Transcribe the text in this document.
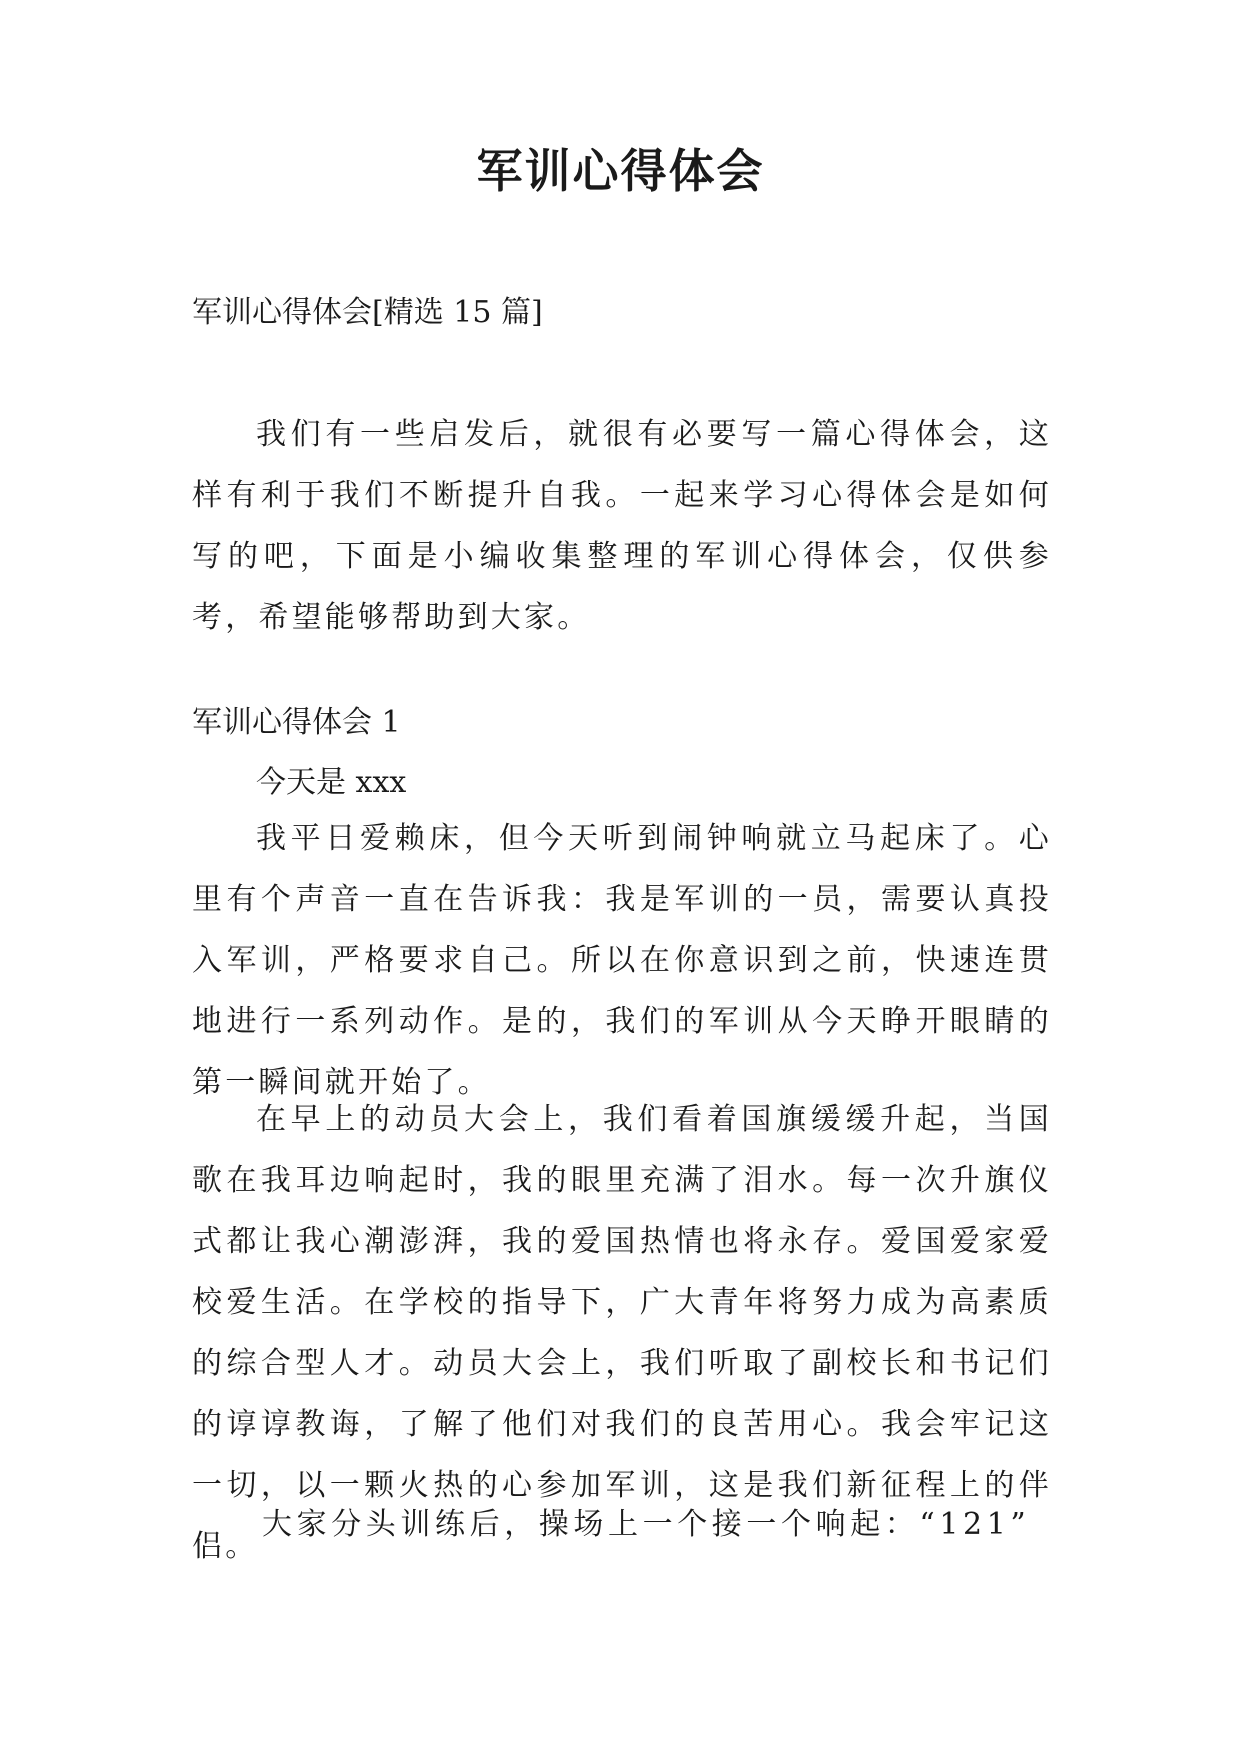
军训心得体会
军训心得体会[精选 15 篇]
我们有一些启发后，就很有必要写一篇心得体会，这样有利于我们不断提升自我。一起来学习心得体会是如何写的吧，下面是小编收集整理的军训心得体会，仅供参考，希望能够帮助到大家。
军训心得体会 1
今天是 xxx
我平日爱赖床，但今天听到闹钟响就立马起床了。心里有个声音一直在告诉我：我是军训的一员，需要认真投入军训，严格要求自己。所以在你意识到之前，快速连贯地进行一系列动作。是的，我们的军训从今天睁开眼睛的第一瞬间就开始了。
在早上的动员大会上，我们看着国旗缓缓升起，当国歌在我耳边响起时，我的眼里充满了泪水。每一次升旗仪式都让我心潮澎湃，我的爱国热情也将永存。爱国爱家爱校爱生活。在学校的指导下，广大青年将努力成为高素质的综合型人才。动员大会上，我们听取了副校长和书记们的谆谆教诲，了解了他们对我们的良苦用心。我会牢记这一切，以一颗火热的心参加军训，这是我们新征程上的伴侣。
大家分头训练后，操场上一个接一个响起：“121”
